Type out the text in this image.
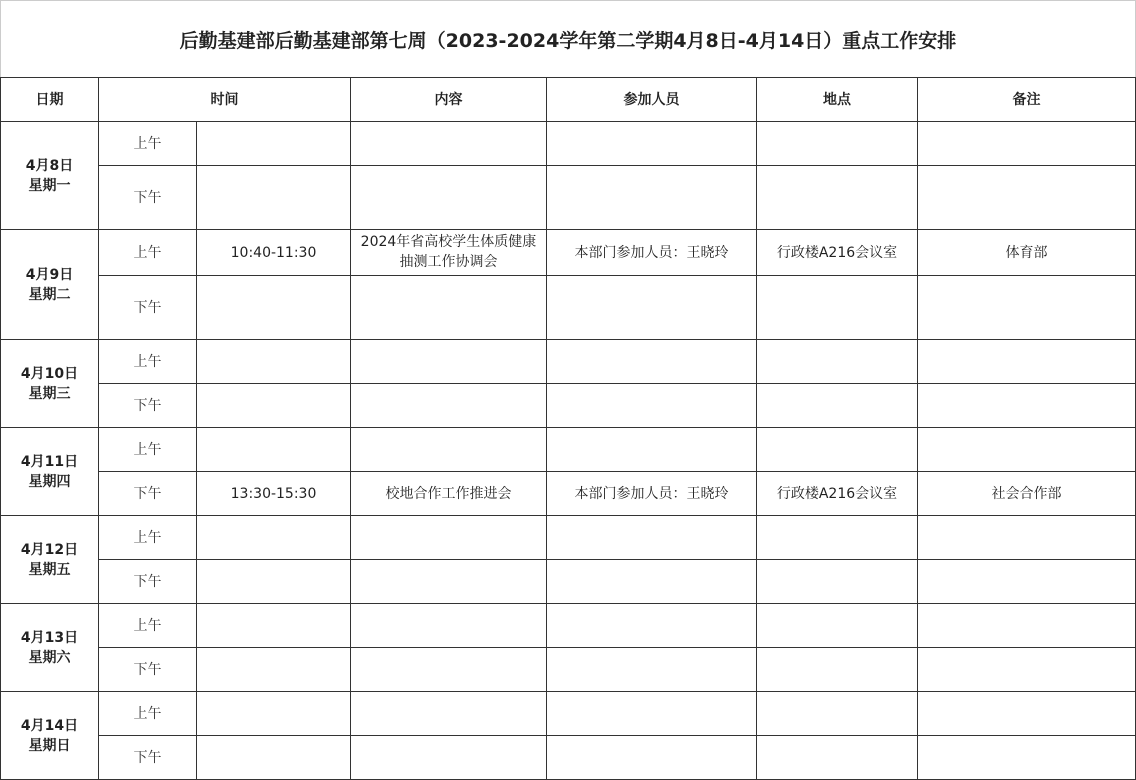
后勤基建部后勤基建部第七周（2023-2024学年第二学期4月8日-4月14日）重点工作安排
日期	时间		内容	参加人员	地点	备注

4月8日
星期一	上午					
	下午					

4月9日
星期二	上午	10:40-11:30	2024年省高校学生体质健康抽测工作协调会	本部门参加人员：王晓玲	行政楼A216会议室	体育部
	下午					

4月10日
星期三	上午					
	下午					

4月11日
星期四	上午					
	下午	13:30-15:30	校地合作工作推进会	本部门参加人员：王晓玲	行政楼A216会议室	社会合作部

4月12日
星期五	上午					
	下午					

4月13日
星期六	上午					
	下午					

4月14日
星期日	上午					
	下午					
